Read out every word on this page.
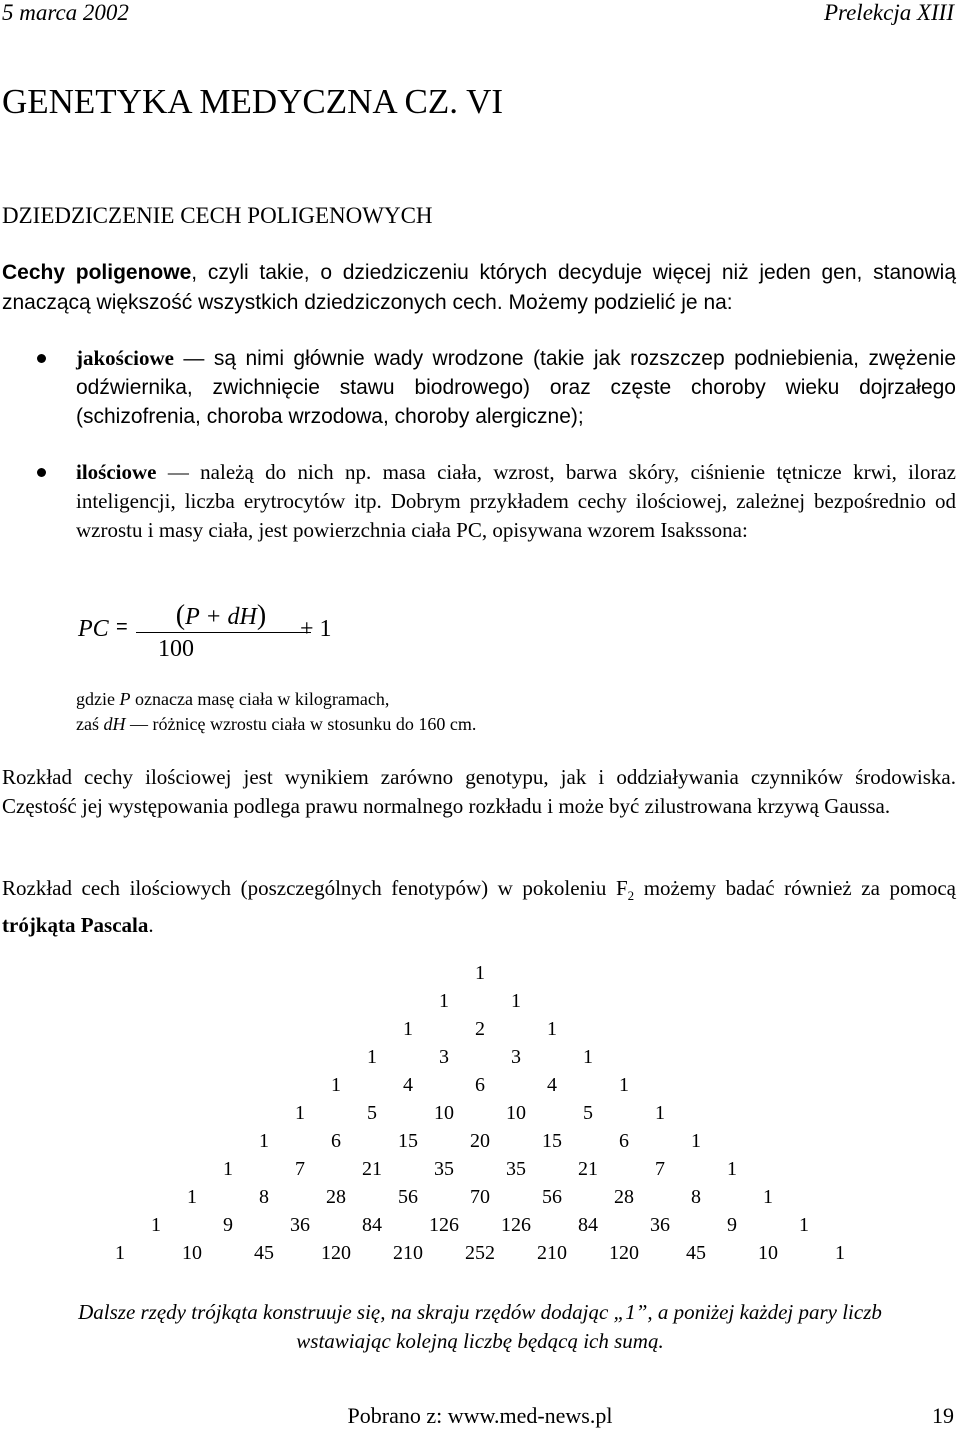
5 marca 2002	Prelekcja XIII
GENETYKA MEDYCZNA CZ. VI
DZIEDZICZENIE CECH POLIGENOWYCH
Cechy poligenowe, czyli takie, o dziedziczeniu których decyduje więcej niż jeden gen, stanowią znaczącą większość wszystkich dziedziczonych cech. Możemy podzielić je na:
jakościowe — są nimi głównie wady wrodzone (takie jak rozszczep podniebienia, zwężenie odźwiernika, zwichnięcie stawu biodrowego) oraz częste choroby wieku dojrzałego (schizofrenia, choroba wrzodowa, choroby alergiczne);
ilościowe — należą do nich np. masa ciała, wzrost, barwa skóry, ciśnienie tętnicze krwi, iloraz inteligencji, liczba erytrocytów itp. Dobrym przykładem cechy ilościowej, zależnej bezpośrednio od wzrostu i masy ciała, jest powierzchnia ciała PC, opisywana wzorem Isakssona:
PC =	(P + dH)
100
+ 1
gdzie P oznacza masę ciała w kilogramach,
zaś dH — różnicę wzrostu ciała w stosunku do 160 cm.
Rozkład cechy ilościowej jest wynikiem zarówno genotypu, jak i oddziaływania czynników środowiska. Częstość jej występowania podlega prawu normalnego rozkładu i może być zilustrowana krzywą Gaussa.
Rozkład cech ilościowych (poszczególnych fenotypów) w pokoleniu $F_2$ możemy badać również za pomocą trójkąta Pascala.
1
1	1
1	2	1
1	3	3	1
1	4	6	4	1
1	5	10	10	5	1
1	6	15	20	15	6	1
1	7	21	35	35	21	7	1
1	8	28	56	70	56	28	8	1
1	9	36	84	126	126	84	36	9	1
1	10	45	120	210	252	210	120	45	10	1
Dalsze rzędy trójkąta konstruuje się, na skraju rzędów dodając „1”, a poniżej każdej pary liczb
wstawiając kolejną liczbę będącą ich sumą.
Pobrano z: www.med-news.pl	19
